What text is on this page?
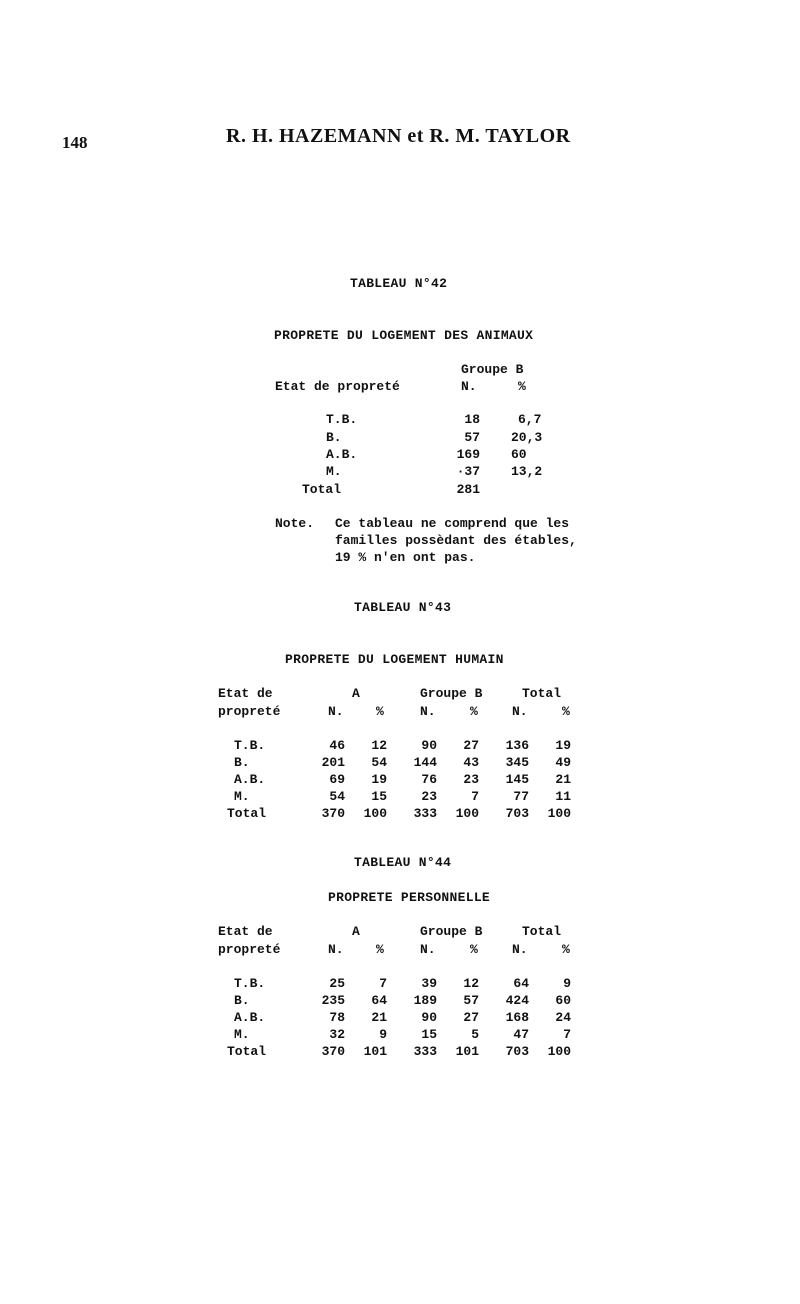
148	R. H. HAZEMANN et R. M. TAYLOR
TABLEAU N°42
PROPRETE DU LOGEMENT DES ANIMAUX
Groupe B
Etat de propreté	N.	%
T.B.	18	6,7
B.	57 20,3
A.B.	169 60
M.	·37 13,2
Total	281
Note. Ce tableau ne comprend que les
familles possèdant des étables,
19 % n'en ont pas.
TABLEAU N°43
PROPRETE DU LOGEMENT HUMAIN
Etat de
propreté
A	Groupe B	Total
N. %	N.	%	N.	%
T.B.	46	12	90	27	136	19
B.	201	54	144	43	345	49
A.B.	69	19	76	23	145	21
M.	54	15	23	7	77	11
Total	370 100	333 100	703 100
TABLEAU N°44
PROPRETE PERSONNELLE
Etat de
propreté
A	Groupe B	Total
N. %	N.	%	N.	%
T.B.	25	7	39	12	64	9
B.	235	64	189	57	424	60
A.B.	78	21	90	27	168	24
M.	32	9	15	5	47	7
Total	370 101	333 101	703 100
